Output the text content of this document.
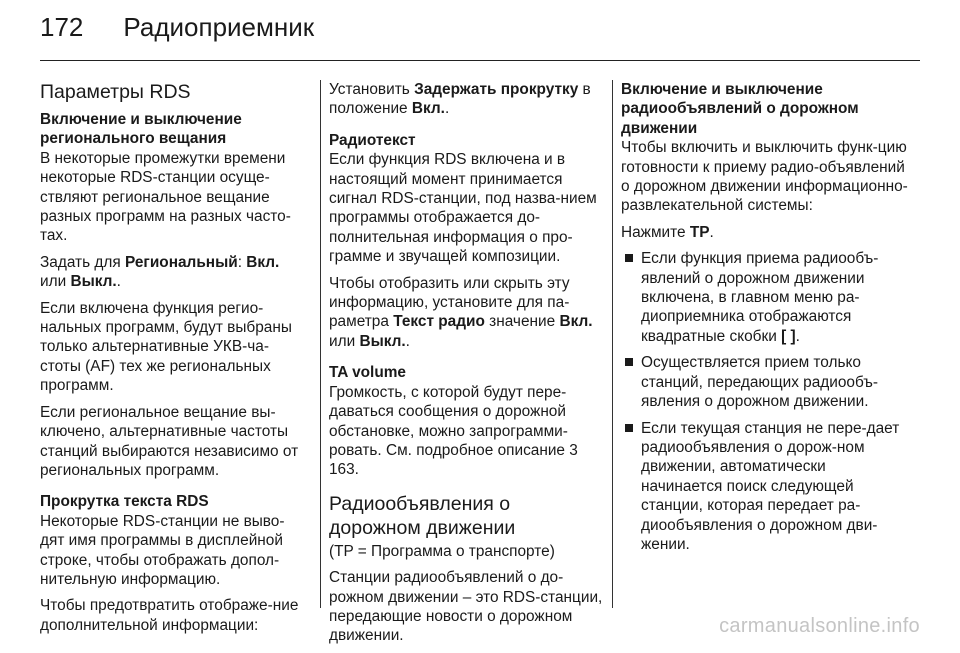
172 Радиоприемник
Параметры RDS
Включение и выключение регионального вещания

В некоторые промежутки времени некоторые RDS-станции осуще-ствляют региональное вещание разных программ на разных часто-тах.

Задать для Региональный: Вкл. или Выкл..

Если включена функция регио-нальных программ, будут выбраны только альтернативные УКВ-ча-стоты (AF) тех же региональных программ.

Если региональное вещание вы-ключено, альтернативные частоты станций выбираются независимо от региональных программ.

Прокрутка текста RDS

Некоторые RDS-станции не выво-дят имя программы в дисплейной строке, чтобы отображать допол-нительную информацию.

Чтобы предотвратить отображе-ние дополнительной информации:

Установить Задержать прокрутку в положение Вкл..

Радиотекст

Если функция RDS включена и в настоящий момент принимается сигнал RDS-станции, под назва-нием программы отображается до-полнительная информация о про-грамме и звучащей композиции.

Чтобы отобразить или скрыть эту информацию, установите для па-раметра Текст радио значение Вкл. или Выкл..

TA volume

Громкость, с которой будут пере-даваться сообщения о дорожной обстановке, можно запрограмми-ровать. См. подробное описание 3 163.

Радиообъявления о дорожном движении

(TP = Программа о транспорте)

Станции радиообъявлений о до-рожном движении – это RDS-станции, передающие новости о дорожном движении.

Включение и выключение радиообъявлений о дорожном движении

Чтобы включить и выключить функ-цию готовности к приему радио-объявлений о дорожном движении информационно-развлекательной системы:

Нажмите TP.

Если функция приема радиообъ-явлений о дорожном движении включена, в главном меню ра-диоприемника отображаются квадратные скобки [ ].
Осуществляется прием только станций, передающих радиообъ-явления о дорожном движении.
Если текущая станция не пере-дает радиообъявления о дорож-ном движении, автоматически начинается поиск следующей станции, которая передает ра-диообъявления о дорожном дви-жении.
carmanualsonline.info
